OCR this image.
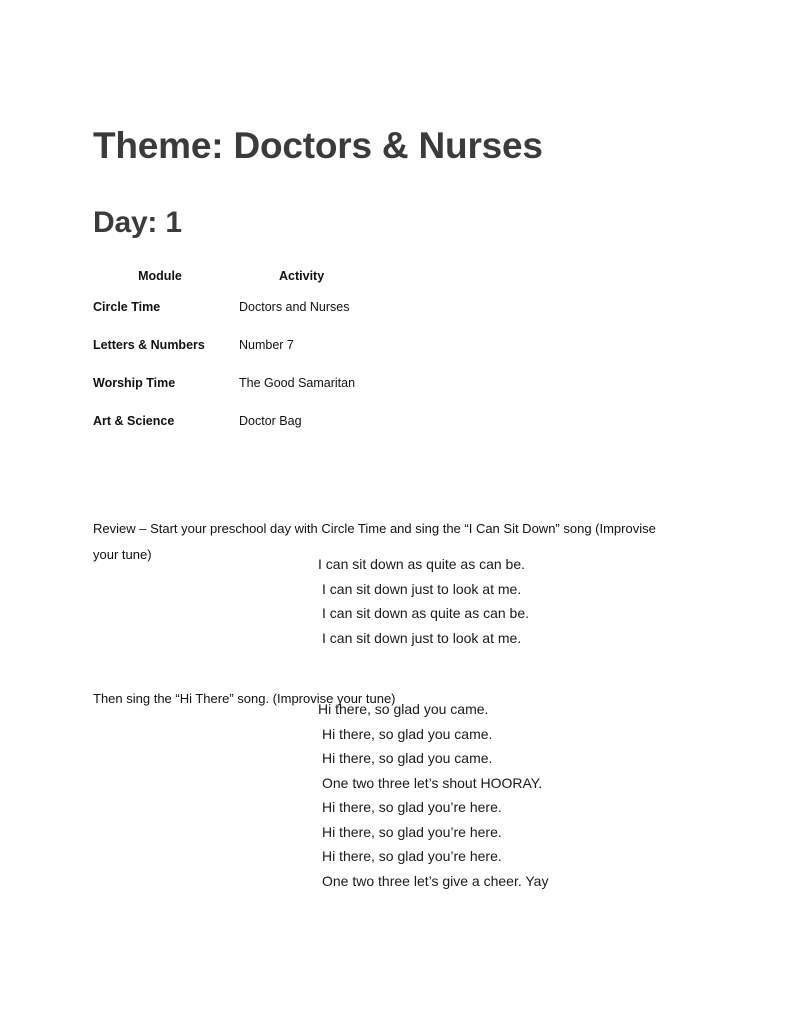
Theme: Doctors & Nurses
Day: 1
Module	Activity
Circle Time	Doctors and Nurses
Letters & Numbers	Number 7
Worship Time	The Good Samaritan
Art & Science	Doctor Bag

Review – Start your preschool day with Circle Time and sing the “I Can Sit Down” song (Improvise your tune)

I can sit down as quite as can be.
I can sit down just to look at me.
I can sit down as quite as can be.
I can sit down just to look at me.

Then sing the “Hi There” song. (Improvise your tune)

Hi there, so glad you came.
Hi there, so glad you came.
Hi there, so glad you came.
One two three let’s shout HOORAY.
Hi there, so glad you’re here.
Hi there, so glad you’re here.
Hi there, so glad you’re here.
One two three let’s give a cheer. Yay
